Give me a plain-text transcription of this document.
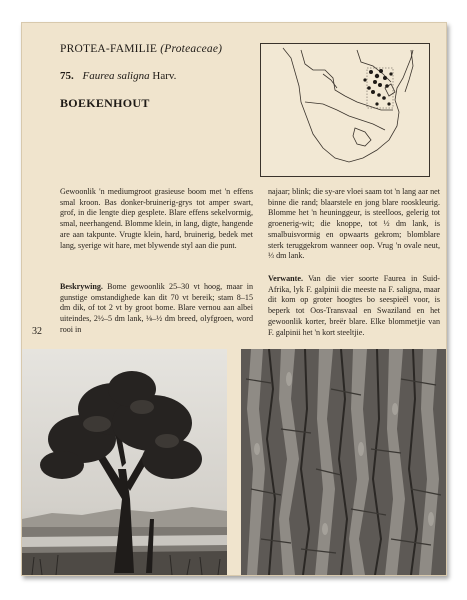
PROTEA-FAMILIE (Proteaceae)
75. Faurea saligna Harv.
BOEKENHOUT

Gewoonlik 'n mediumgroot grasieuse boom met 'n effens smal kroon. Bas donker-bruinerig-grys tot amper swart, grof, in die lengte diep gesplete. Blare effens sekelvormig, smal, neerhangend. Blomme klein, in lang, digte, hangende are aan takpunte. Vrugte klein, hard, bruinerig, bedek met lang, syerige wit hare, met blywende styl aan die punt.

Beskrywing. Bome gewoonlik 25–30 vt hoog, maar in gunstige omstandighede kan dit 70 vt bereik; stam 8–15 dm dik, of tot 2 vt by groot bome. Blare vernou aan albei uiteindes, 2½–5 dm lank, ⅛–½ dm breed, olyfgroen, word rooi in

najaar; blink; die sy-are vloei saam tot 'n lang aar net binne die rand; blaarstele en jong blare rooskleurig. Blomme het 'n heuninggeur, is steelloos, gelerig tot groenerig-wit; die knoppe, tot ½ dm lank, is smalbuisvormig en opwaarts gekrom; blomblare sterk teruggekrom wanneer oop. Vrug 'n ovale neut, ⅓ dm lank.

Verwante. Van die vier soorte Faurea in Suid-Afrika, lyk F. galpinii die meeste na F. saligna, maar dit kom op groter hoogtes bo seespieël voor, is beperk tot Oos-Transvaal en Swaziland en het gewoonlik korter, breër blare. Elke blommetjie van F. galpinii het 'n kort steeltjie.

32
